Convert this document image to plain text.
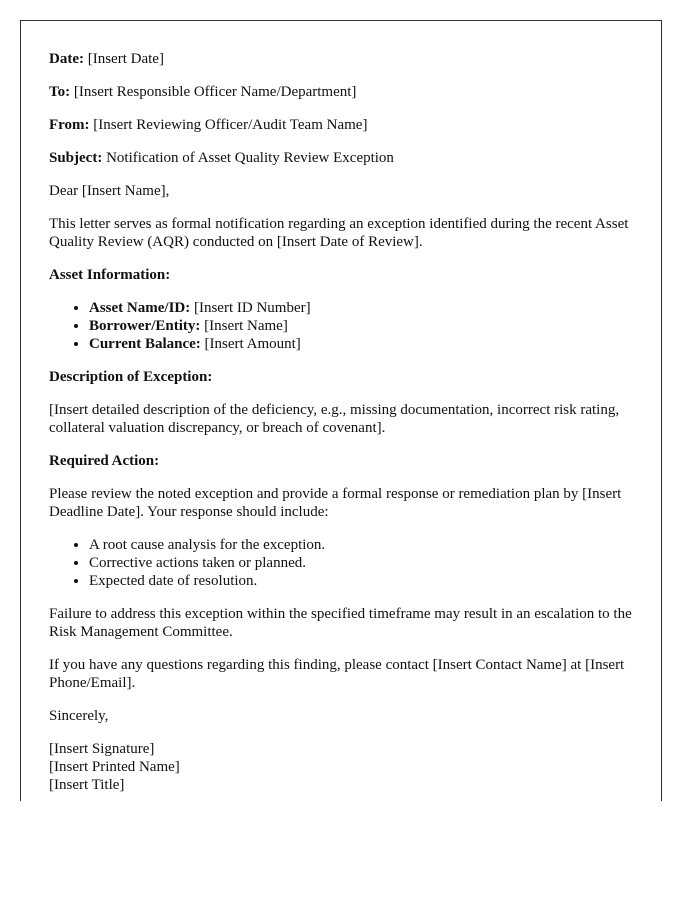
Date: [Insert Date]

To: [Insert Responsible Officer Name/Department]

From: [Insert Reviewing Officer/Audit Team Name]

Subject: Notification of Asset Quality Review Exception

Dear [Insert Name],

This letter serves as formal notification regarding an exception identified during the recent Asset Quality Review (AQR) conducted on [Insert Date of Review].

Asset Information:

• Asset Name/ID: [Insert ID Number]
• Borrower/Entity: [Insert Name]
• Current Balance: [Insert Amount]

Description of Exception:

[Insert detailed description of the deficiency, e.g., missing documentation, incorrect risk rating, collateral valuation discrepancy, or breach of covenant].

Required Action:

Please review the noted exception and provide a formal response or remediation plan by [Insert Deadline Date]. Your response should include:

• A root cause analysis for the exception.
• Corrective actions taken or planned.
• Expected date of resolution.

Failure to address this exception within the specified timeframe may result in an escalation to the Risk Management Committee.

If you have any questions regarding this finding, please contact [Insert Contact Name] at [Insert Phone/Email].

Sincerely,

[Insert Signature]
[Insert Printed Name]
[Insert Title]
